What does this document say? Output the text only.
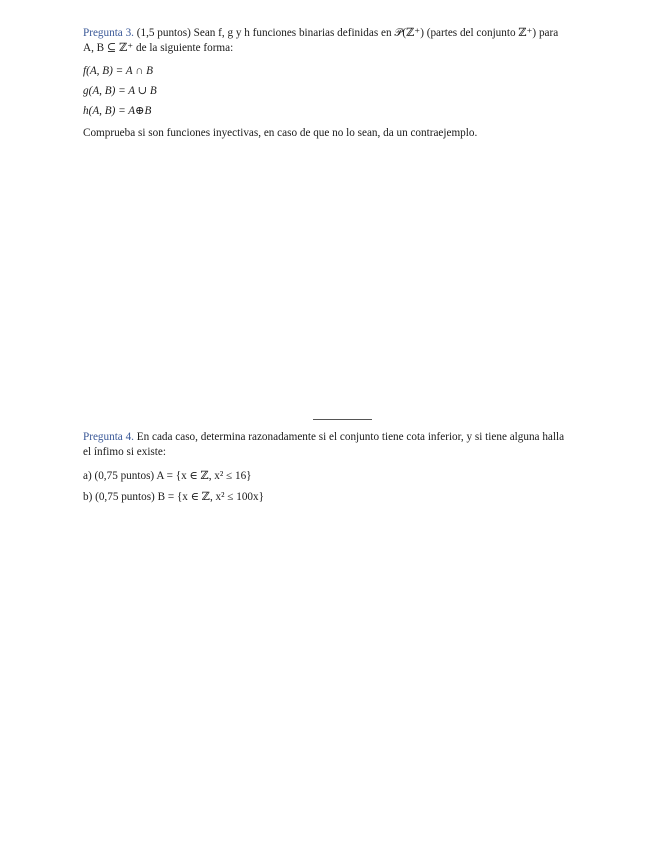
Pregunta 3. (1,5 puntos) Sean f, g y h funciones binarias definidas en 𝒫(ℤ⁺) (partes del conjunto ℤ⁺) para
A, B ⊆ ℤ⁺ de la siguiente forma:
f(A, B) = A ∩ B
g(A, B) = A ∪ B
h(A, B) = A⊕B
Comprueba si son funciones inyectivas, en caso de que no lo sean, da un contraejemplo.
Pregunta 4. En cada caso, determina razonadamente si el conjunto tiene cota inferior, y si tiene alguna halla
el ínfimo si existe:
a) (0,75 puntos) A = {x ∈ ℤ, x² ≤ 16}
b) (0,75 puntos) B = {x ∈ ℤ, x² ≤ 100x}
